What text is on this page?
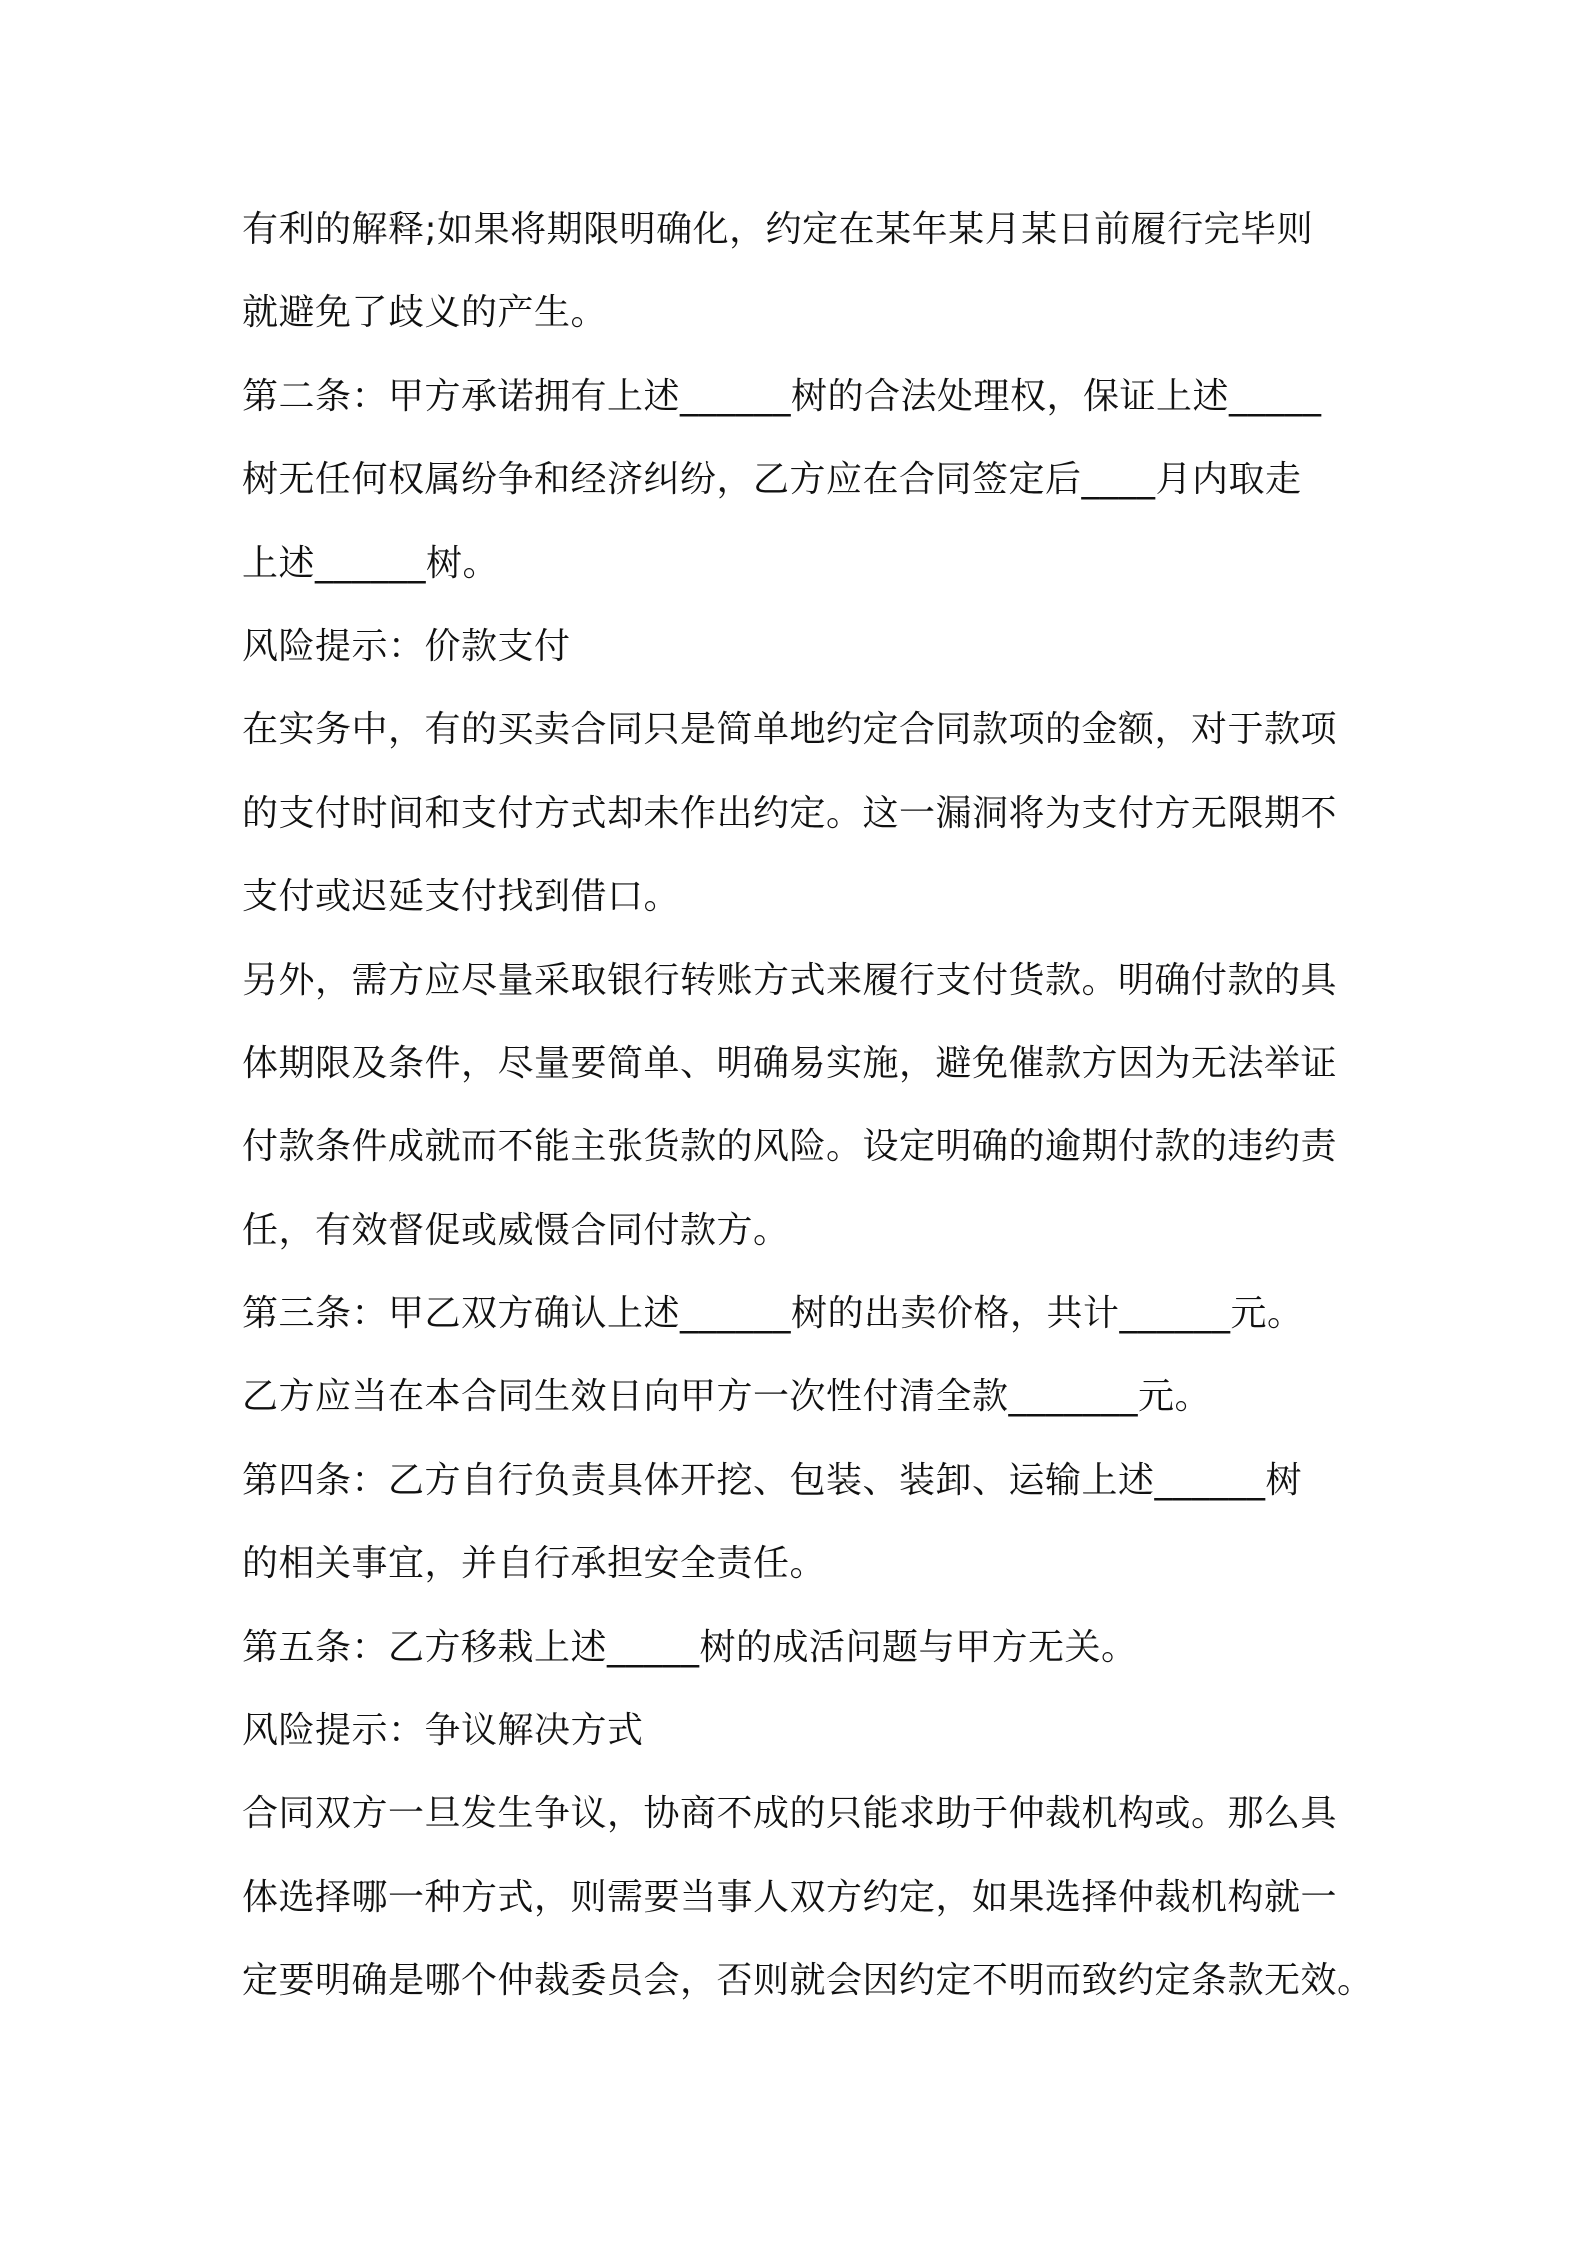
有利的解释;如果将期限明确化，约定在某年某月某日前履行完毕则
就避免了歧义的产生。
第二条：甲方承诺拥有上述______树的合法处理权，保证上述_____
树无任何权属纷争和经济纠纷，乙方应在合同签定后____月内取走
上述______树。
风险提示：价款支付
在实务中，有的买卖合同只是简单地约定合同款项的金额，对于款项
的支付时间和支付方式却未作出约定。这一漏洞将为支付方无限期不
支付或迟延支付找到借口。
另外，需方应尽量采取银行转账方式来履行支付货款。明确付款的具
体期限及条件，尽量要简单、明确易实施，避免催款方因为无法举证
付款条件成就而不能主张货款的风险。设定明确的逾期付款的违约责
任，有效督促或威慑合同付款方。
第三条：甲乙双方确认上述______树的出卖价格，共计______元。
乙方应当在本合同生效日向甲方一次性付清全款_______元。
第四条：乙方自行负责具体开挖、包装、装卸、运输上述______树
的相关事宜，并自行承担安全责任。
第五条：乙方移栽上述_____树的成活问题与甲方无关。
风险提示：争议解决方式
合同双方一旦发生争议，协商不成的只能求助于仲裁机构或。那么具
体选择哪一种方式，则需要当事人双方约定，如果选择仲裁机构就一
定要明确是哪个仲裁委员会，否则就会因约定不明而致约定条款无效。
